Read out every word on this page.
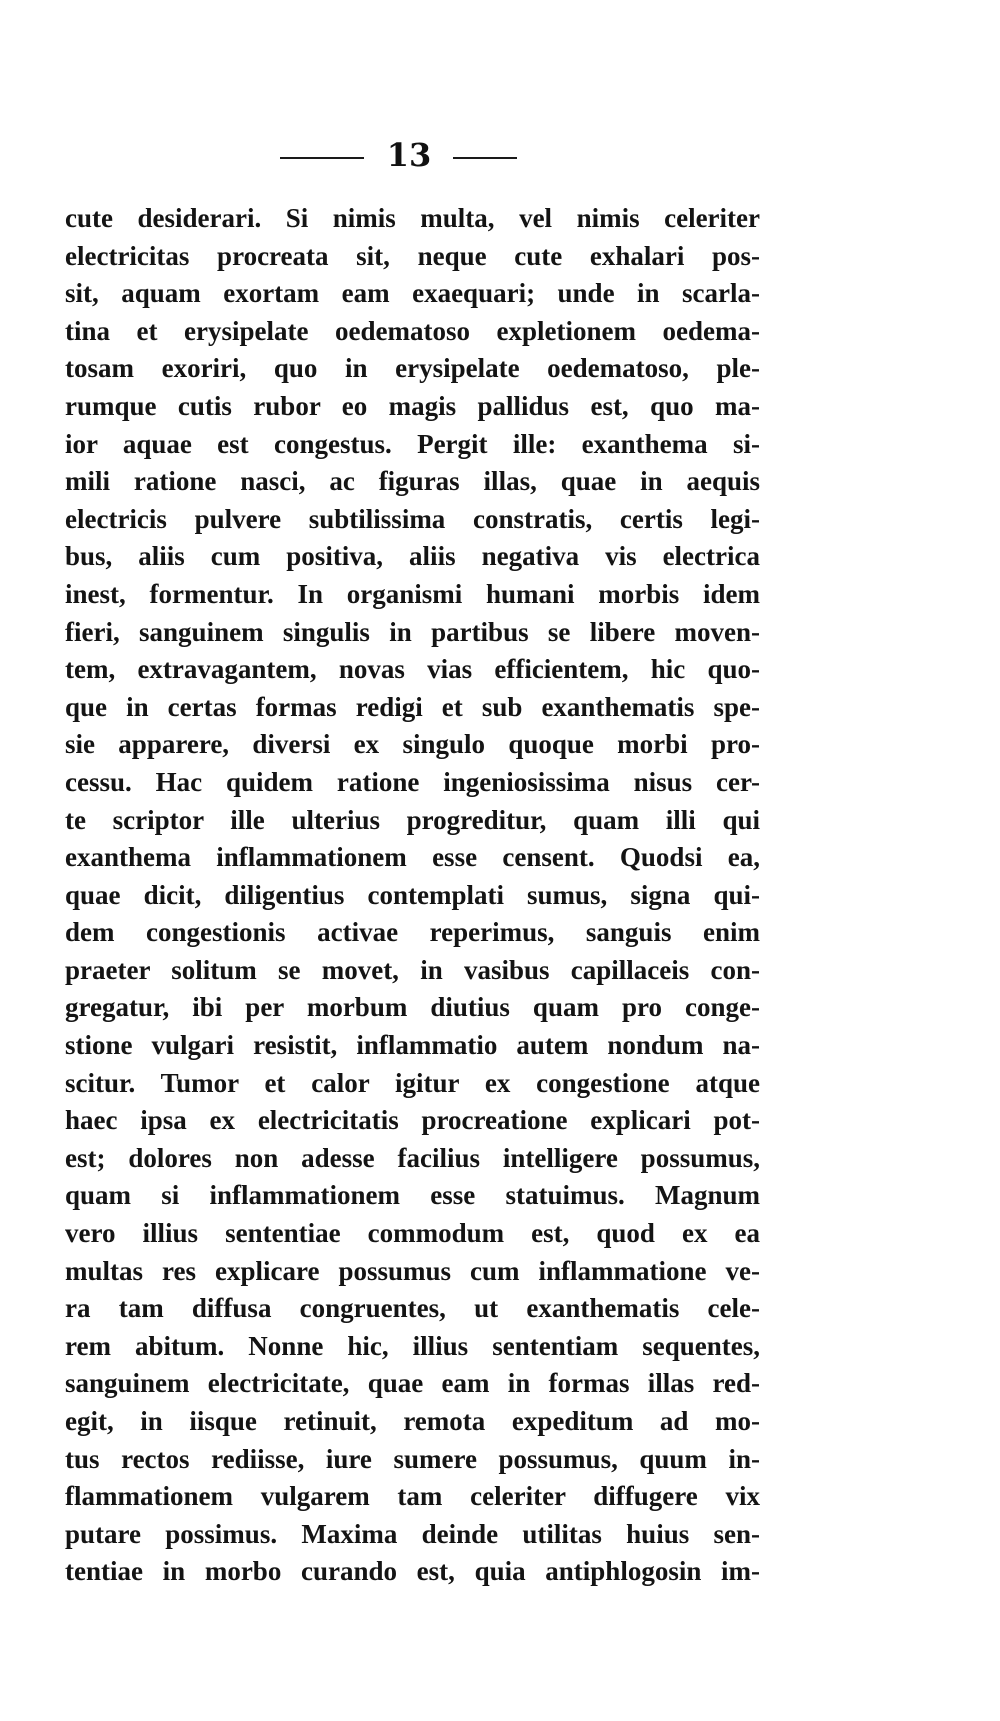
13
cute desiderari. Si nimis multa, vel nimis celeriter
electricitas procreata sit, neque cute exhalari pos-
sit, aquam exortam eam exaequari; unde in scarla-
tina et erysipelate oedematoso expletionem oedema-
tosam exoriri, quo in erysipelate oedematoso, ple-
rumque cutis rubor eo magis pallidus est, quo ma-
ior aquae est congestus. Pergit ille: exanthema si-
mili ratione nasci, ac figuras illas, quae in aequis
electricis pulvere subtilissima constratis, certis legi-
bus, aliis cum positiva, aliis negativa vis electrica
inest, formentur. In organismi humani morbis idem
fieri, sanguinem singulis in partibus se libere moven-
tem, extravagantem, novas vias efficientem, hic quo-
que in certas formas redigi et sub exanthematis spe-
sie apparere, diversi ex singulo quoque morbi pro-
cessu. Hac quidem ratione ingeniosissima nisus cer-
te scriptor ille ulterius progreditur, quam illi qui
exanthema inflammationem esse censent. Quodsi ea,
quae dicit, diligentius contemplati sumus, signa qui-
dem congestionis activae reperimus, sanguis enim
praeter solitum se movet, in vasibus capillaceis con-
gregatur, ibi per morbum diutius quam pro conge-
stione vulgari resistit, inflammatio autem nondum na-
scitur. Tumor et calor igitur ex congestione atque
haec ipsa ex electricitatis procreatione explicari pot-
est; dolores non adesse facilius intelligere possumus,
quam si inflammationem esse statuimus. Magnum
vero illius sententiae commodum est, quod ex ea
multas res explicare possumus cum inflammatione ve-
ra tam diffusa congruentes, ut exanthematis cele-
rem abitum. Nonne hic, illius sententiam sequentes,
sanguinem electricitate, quae eam in formas illas red-
egit, in iisque retinuit, remota expeditum ad mo-
tus rectos rediisse, iure sumere possumus, quum in-
flammationem vulgarem tam celeriter diffugere vix
putare possimus. Maxima deinde utilitas huius sen-
tentiae in morbo curando est, quia antiphlogosin im-
